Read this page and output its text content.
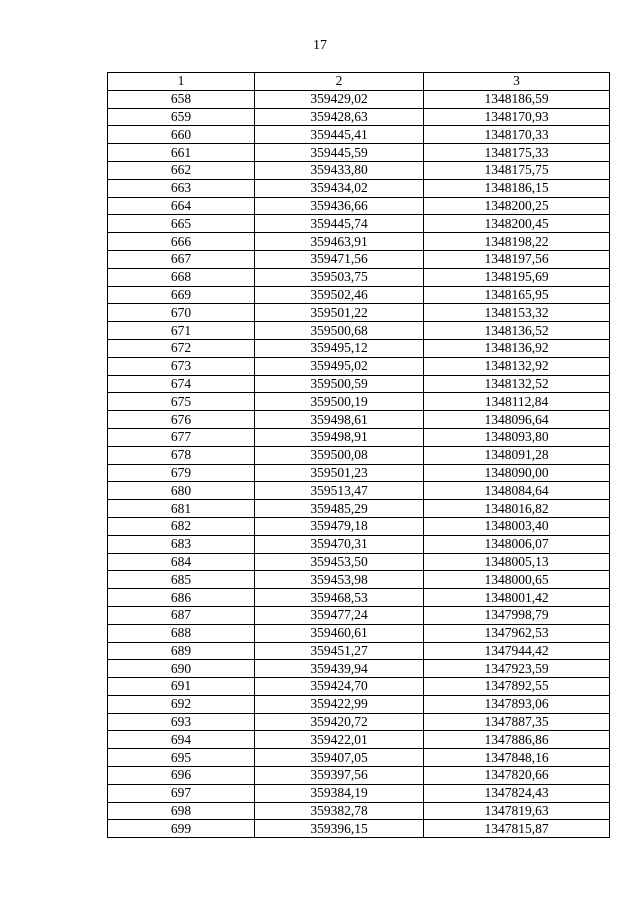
17
1	2	3
658	359429,02	1348186,59
659	359428,63	1348170,93
660	359445,41	1348170,33
661	359445,59	1348175,33
662	359433,80	1348175,75
663	359434,02	1348186,15
664	359436,66	1348200,25
665	359445,74	1348200,45
666	359463,91	1348198,22
667	359471,56	1348197,56
668	359503,75	1348195,69
669	359502,46	1348165,95
670	359501,22	1348153,32
671	359500,68	1348136,52
672	359495,12	1348136,92
673	359495,02	1348132,92
674	359500,59	1348132,52
675	359500,19	1348112,84
676	359498,61	1348096,64
677	359498,91	1348093,80
678	359500,08	1348091,28
679	359501,23	1348090,00
680	359513,47	1348084,64
681	359485,29	1348016,82
682	359479,18	1348003,40
683	359470,31	1348006,07
684	359453,50	1348005,13
685	359453,98	1348000,65
686	359468,53	1348001,42
687	359477,24	1347998,79
688	359460,61	1347962,53
689	359451,27	1347944,42
690	359439,94	1347923,59
691	359424,70	1347892,55
692	359422,99	1347893,06
693	359420,72	1347887,35
694	359422,01	1347886,86
695	359407,05	1347848,16
696	359397,56	1347820,66
697	359384,19	1347824,43
698	359382,78	1347819,63
699	359396,15	1347815,87
